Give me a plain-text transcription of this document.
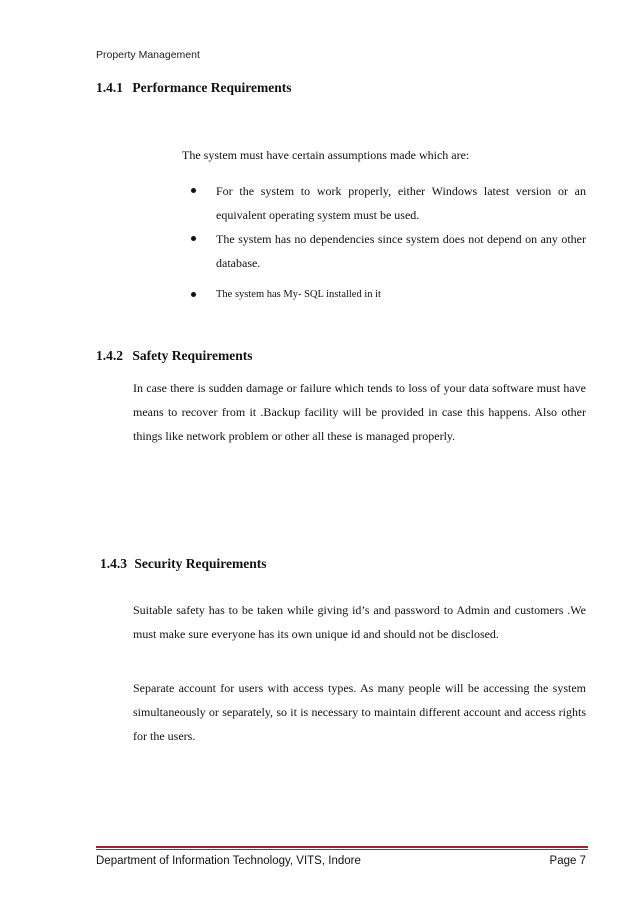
Property Management
1.4.1 Performance Requirements
The system must have certain assumptions made which are:
For the system to work properly, either Windows latest version or an equivalent operating system must be used.
The system has no dependencies since system does not depend on any other database.
The system has My- SQL installed in it
1.4.2 Safety Requirements
In case there is sudden damage or failure which tends to loss of your data software must have means to recover from it .Backup facility will be provided in case this happens. Also other things like network problem or other all these is managed properly.
1.4.3 Security Requirements
Suitable safety has to be taken while giving id’s and password to Admin and customers .We must make sure everyone has its own unique id and should not be disclosed.
Separate account for users with access types. As many people will be accessing the system simultaneously or separately, so it is necessary to maintain different account and access rights for the users.
Department of Information Technology, VITS, Indore	Page 7
